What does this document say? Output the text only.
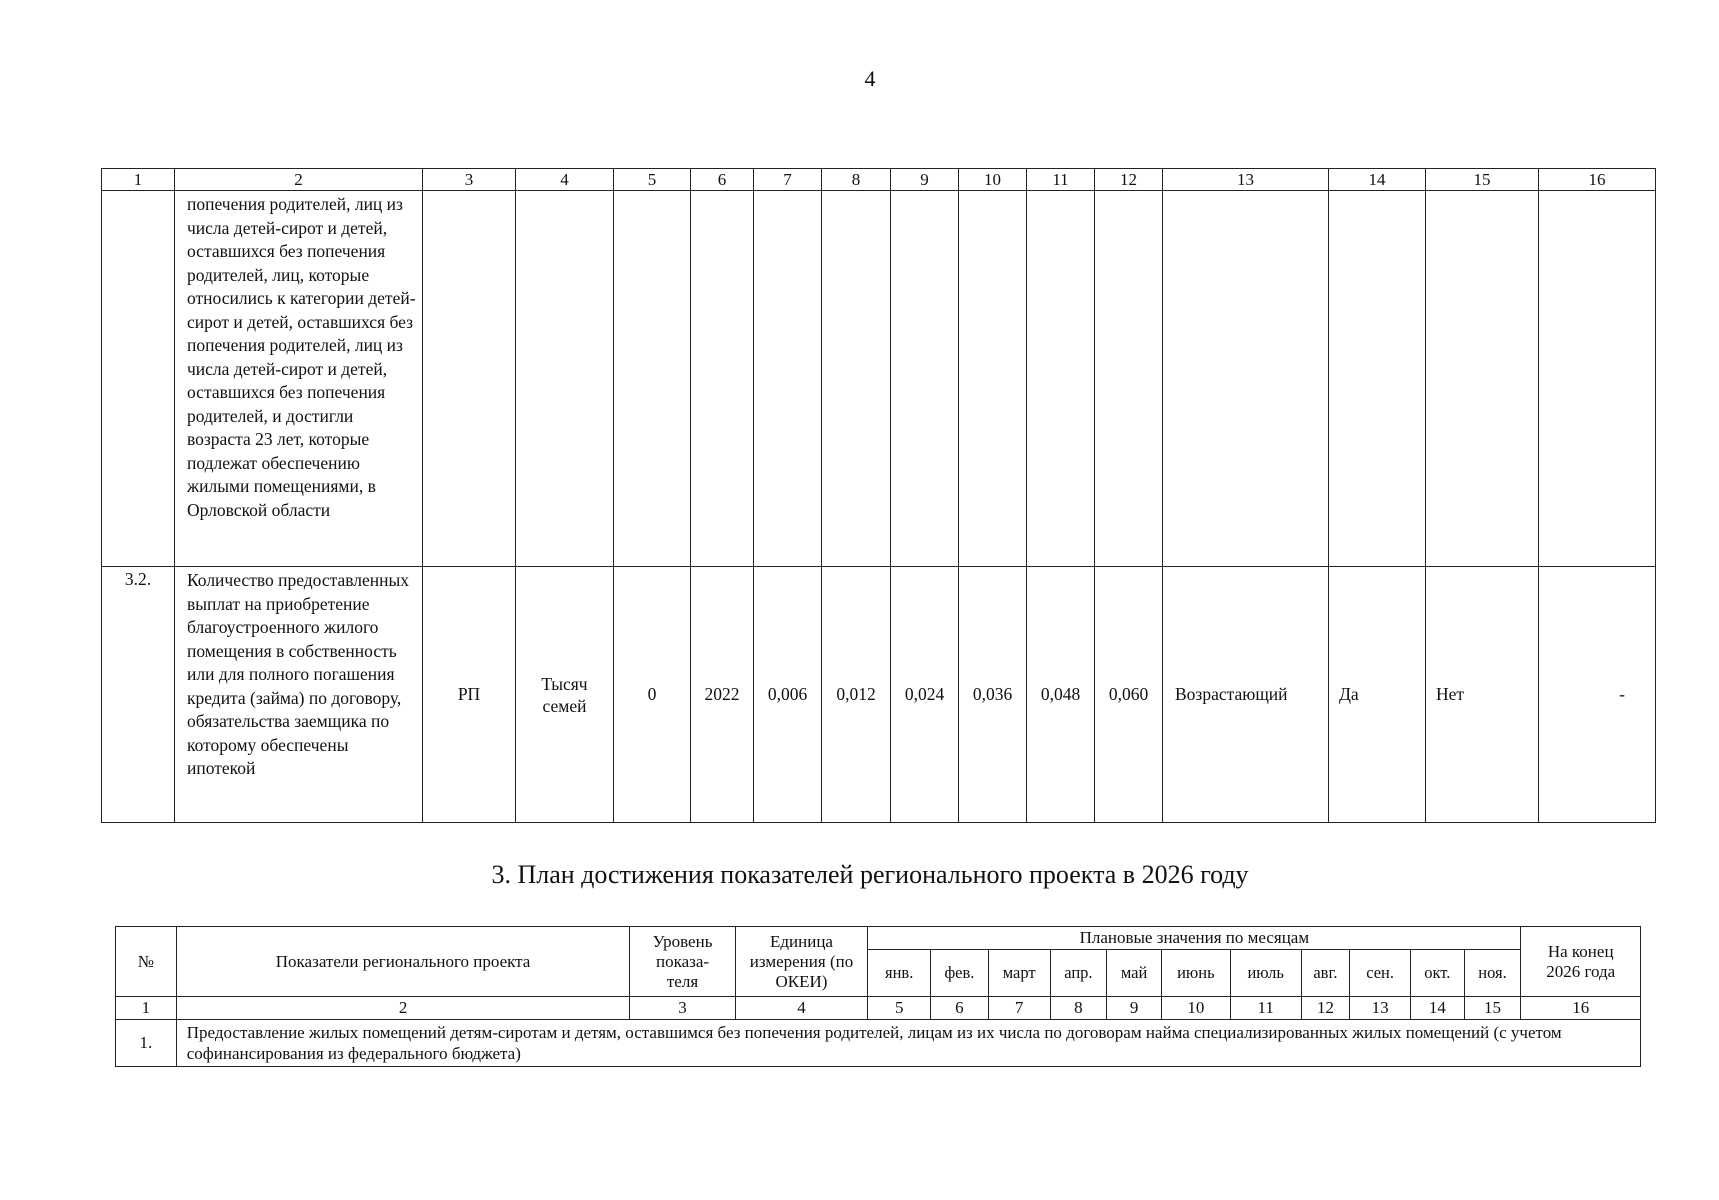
4
1	2	3	4	5	6	7	8	9	10	11	12	13	14	15	16
	попечения родителей, лиц из числа детей-сирот и детей, оставшихся без попечения родителей, лиц, которые относились к категории детей-сирот и детей, оставшихся без попечения родителей, лиц из числа детей-сирот и детей, оставшихся без попечения родителей, и достигли возраста 23 лет, которые подлежат обеспечению жилыми помещениями, в Орловской области														
3.2.	Количество предоставленных выплат на приобретение благоустроенного жилого помещения в собственность или для полного погашения кредита (займа) по договору, обязательства заемщика по которому обеспечены ипотекой	РП	Тысяч семей	0	2022	0,006	0,012	0,024	0,036	0,048	0,060	Возрастающий	Да	Нет	-
3. План достижения показателей регионального проекта в 2026 году
№	Показатели регионального проекта	Уровень показа-теля	Единица измерения (по ОКЕИ)	Плановые значения по месяцам											На конец 2026 года
				янв.	фев.	март	апр.	май	июнь	июль	авг.	сен.	окт.	ноя.	
1	2	3	4	5	6	7	8	9	10	11	12	13	14	15	16
1.	Предоставление жилых помещений детям-сиротам и детям, оставшимся без попечения родителей, лицам из их числа по договорам найма специализированных жилых помещений (с учетом софинансирования из федерального бюджета)														
